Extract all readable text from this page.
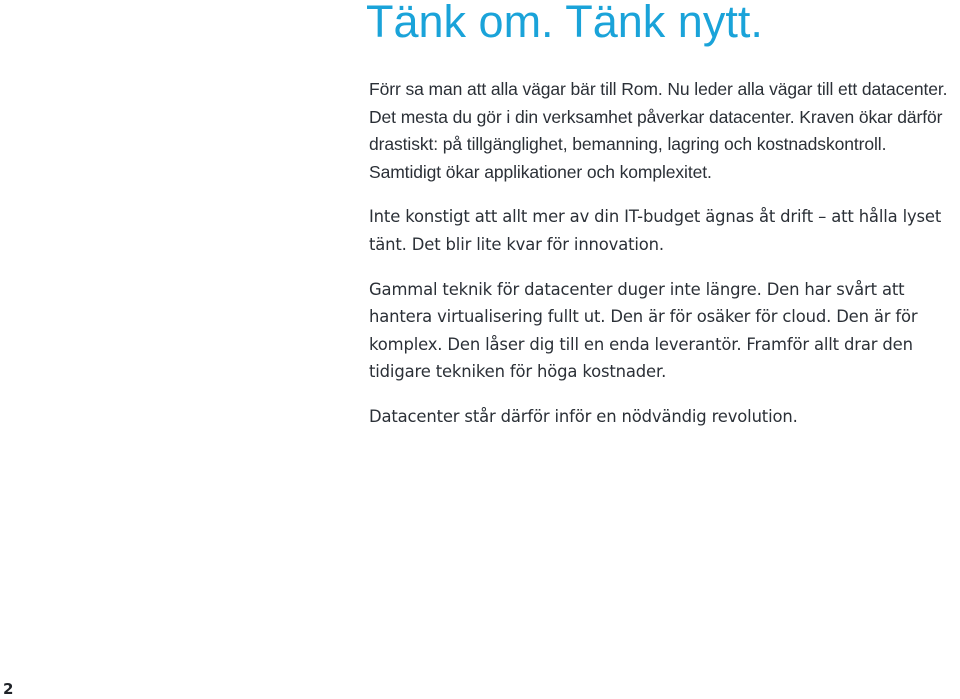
Tänk om. Tänk nytt.

Förr sa man att alla vägar bär till Rom. Nu leder alla vägar till ett datacenter. Det mesta du gör i din verksamhet påverkar datacenter. Kraven ökar därför drastiskt: på tillgänglighet, bemanning, lagring och kostnadskontroll. Samtidigt ökar applikationer och komplexitet.

Inte konstigt att allt mer av din IT-budget ägnas åt drift – att hålla lyset tänt. Det blir lite kvar för innovation.

Gammal teknik för datacenter duger inte längre. Den har svårt att hantera virtualisering fullt ut. Den är för osäker för cloud. Den är för komplex. Den låser dig till en enda leverantör. Framför allt drar den tidigare tekniken för höga kostnader.

Datacenter står därför inför en nödvändig revolution.

2
